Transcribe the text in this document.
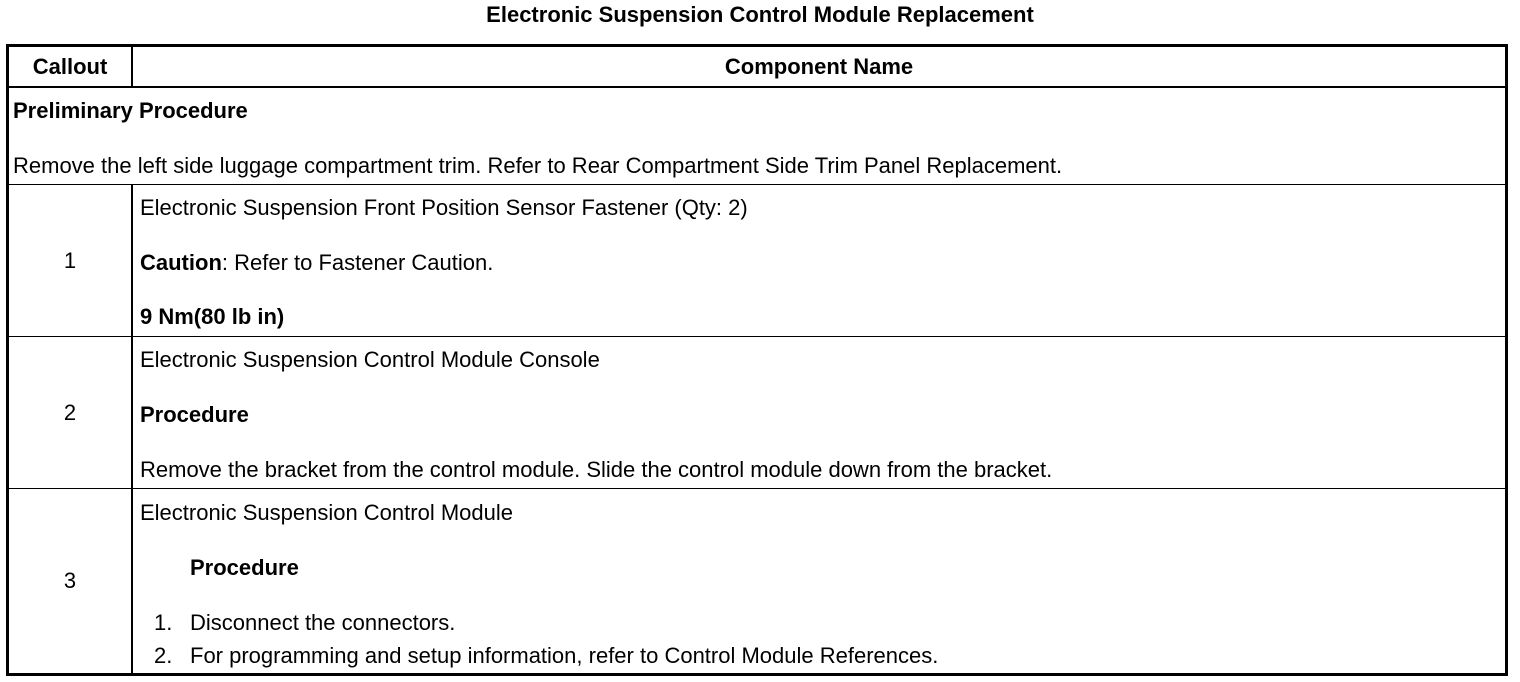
Electronic Suspension Control Module Replacement
Callout	Component Name
Preliminary Procedure
Remove the left side luggage compartment trim. Refer to Rear Compartment Side Trim Panel Replacement.
1
Electronic Suspension Front Position Sensor Fastener (Qty: 2)
Caution: Refer to Fastener Caution.
9 Nm(80 lb in)
2
Electronic Suspension Control Module Console
Procedure
Remove the bracket from the control module. Slide the control module down from the bracket.
3
Electronic Suspension Control Module
Procedure
1. Disconnect the connectors.
2. For programming and setup information, refer to Control Module References.
